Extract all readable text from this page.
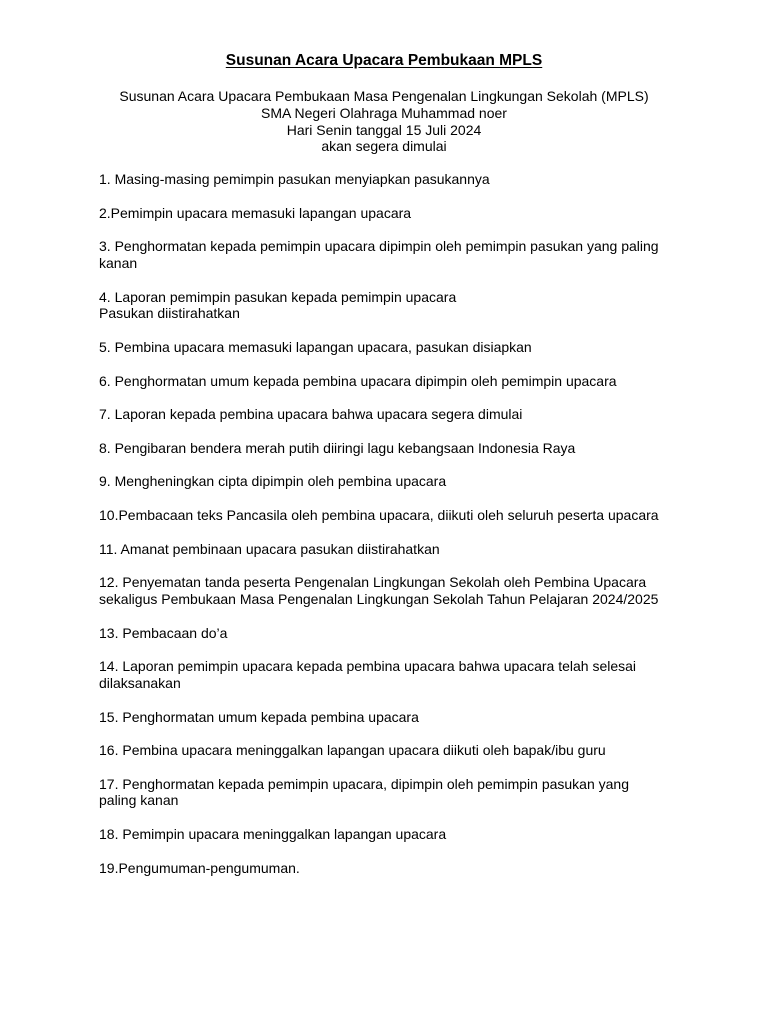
Susunan Acara Upacara Pembukaan MPLS
Susunan Acara Upacara Pembukaan Masa Pengenalan Lingkungan Sekolah (MPLS)
SMA Negeri Olahraga Muhammad noer
Hari Senin tanggal 15 Juli 2024
akan segera dimulai
1. Masing-masing pemimpin pasukan menyiapkan pasukannya
2.Pemimpin upacara memasuki lapangan upacara
3. Penghormatan kepada pemimpin upacara dipimpin oleh pemimpin pasukan yang paling
kanan
4. Laporan pemimpin pasukan kepada pemimpin upacara
Pasukan diistirahatkan
5. Pembina upacara memasuki lapangan upacara, pasukan disiapkan
6. Penghormatan umum kepada pembina upacara dipimpin oleh pemimpin upacara
7. Laporan kepada pembina upacara bahwa upacara segera dimulai
8. Pengibaran bendera merah putih diiringi lagu kebangsaan Indonesia Raya
9. Mengheningkan cipta dipimpin oleh pembina upacara
10.Pembacaan teks Pancasila oleh pembina upacara, diikuti oleh seluruh peserta upacara
11. Amanat pembinaan upacara pasukan diistirahatkan
12. Penyematan tanda peserta Pengenalan Lingkungan Sekolah oleh Pembina Upacara
sekaligus Pembukaan Masa Pengenalan Lingkungan Sekolah Tahun Pelajaran 2024/2025
13. Pembacaan do’a
14. Laporan pemimpin upacara kepada pembina upacara bahwa upacara telah selesai
dilaksanakan
15. Penghormatan umum kepada pembina upacara
16. Pembina upacara meninggalkan lapangan upacara diikuti oleh bapak/ibu guru
17. Penghormatan kepada pemimpin upacara, dipimpin oleh pemimpin pasukan yang
paling kanan
18. Pemimpin upacara meninggalkan lapangan upacara
19.Pengumuman-pengumuman.
